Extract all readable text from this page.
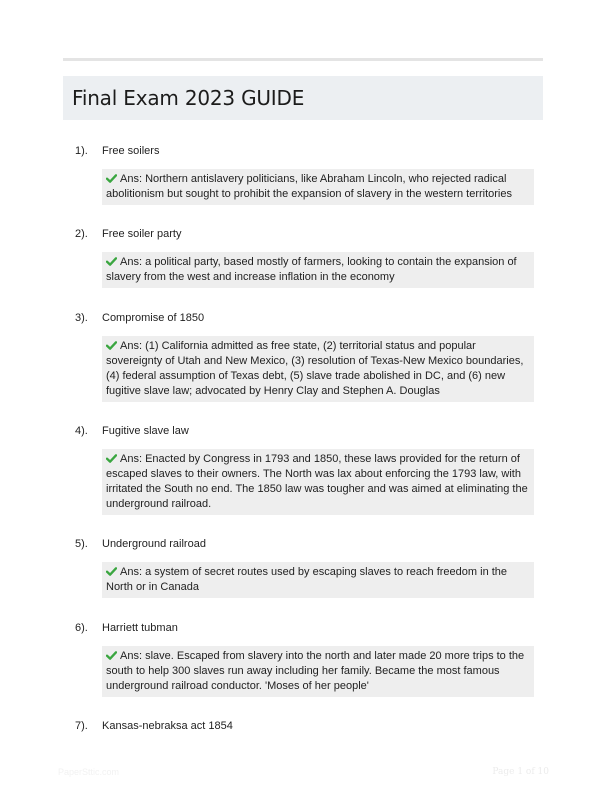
Final Exam 2023 GUIDE
1). Free soilers
Ans: Northern antislavery politicians, like Abraham Lincoln, who rejected radical abolitionism but sought to prohibit the expansion of slavery in the western territories
2). Free soiler party
Ans: a political party, based mostly of farmers, looking to contain the expansion of slavery from the west and increase inflation in the economy
3). Compromise of 1850
Ans: (1) California admitted as free state, (2) territorial status and popular sovereignty of Utah and New Mexico, (3) resolution of Texas-New Mexico boundaries, (4) federal assumption of Texas debt, (5) slave trade abolished in DC, and (6) new fugitive slave law; advocated by Henry Clay and Stephen A. Douglas
4). Fugitive slave law
Ans: Enacted by Congress in 1793 and 1850, these laws provided for the return of escaped slaves to their owners. The North was lax about enforcing the 1793 law, with irritated the South no end. The 1850 law was tougher and was aimed at eliminating the underground railroad.
5). Underground railroad
Ans: a system of secret routes used by escaping slaves to reach freedom in the North or in Canada
6). Harriett tubman
Ans: slave. Escaped from slavery into the north and later made 20 more trips to the south to help 300 slaves run away including her family. Became the most famous underground railroad conductor. 'Moses of her people'
7). Kansas-nebraksa act 1854
PaperSttic.com	Page 1 of 10
